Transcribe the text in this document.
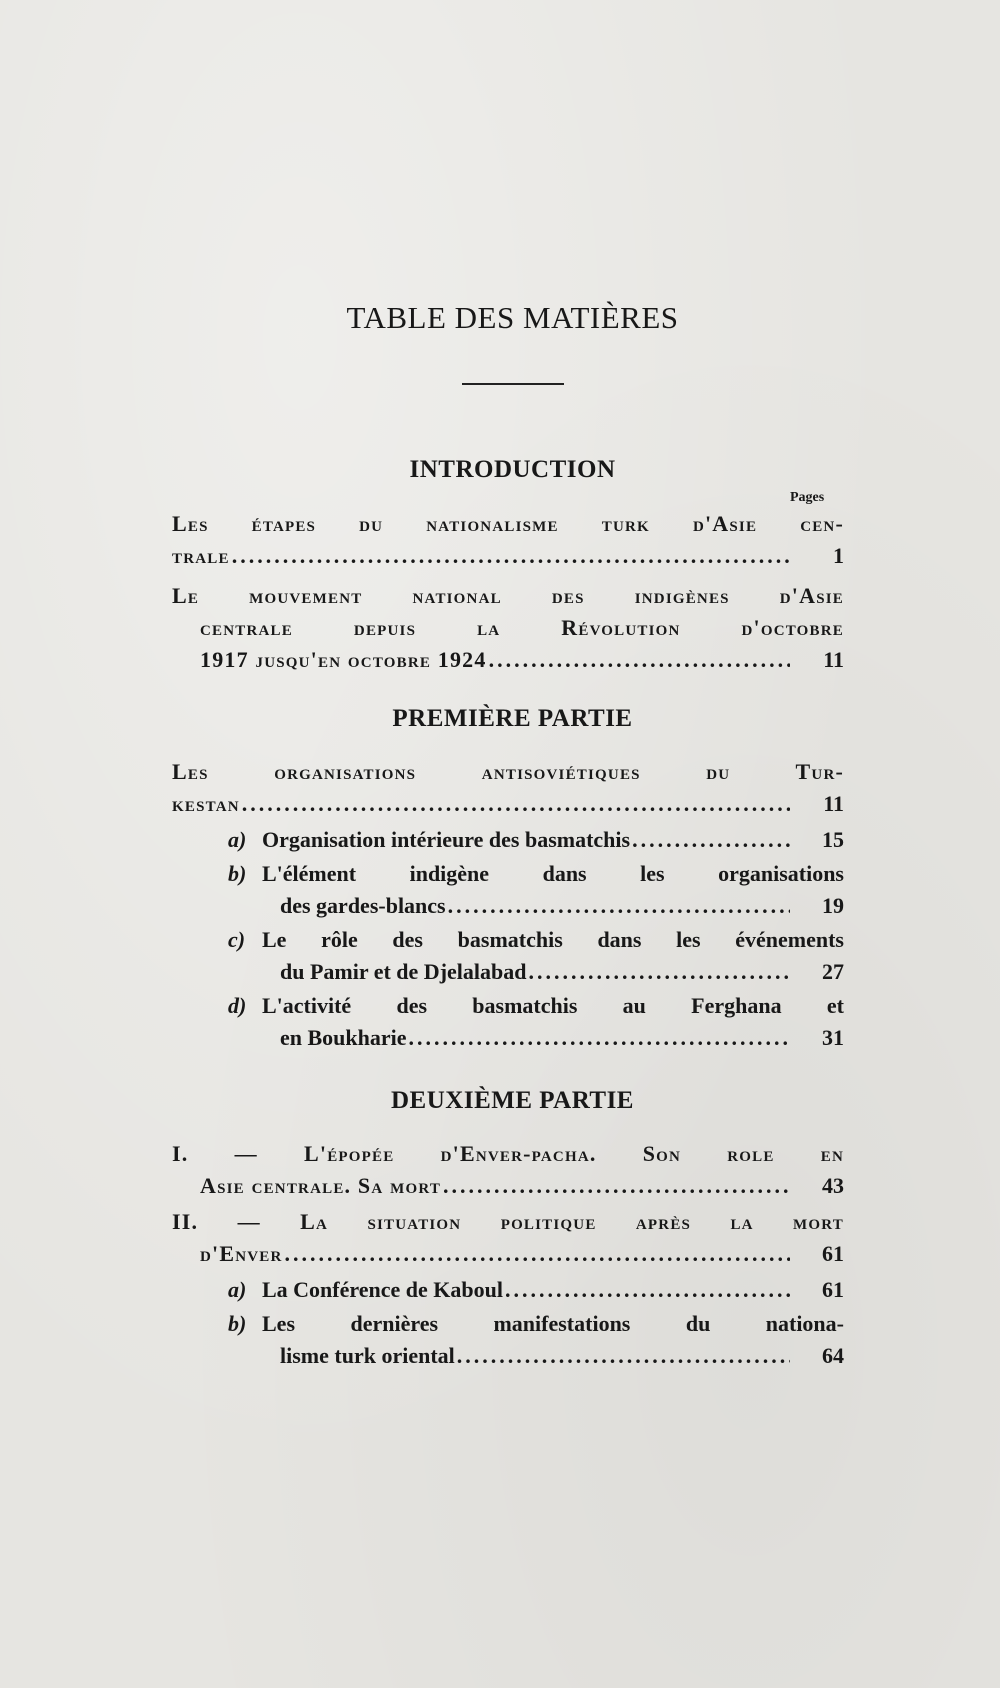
TABLE DES MATIÈRES
INTRODUCTION
Pages
Les étapes du nationalisme turk d'Asie cen-
trale .....	1
Le mouvement national des indigènes d'Asie
centrale depuis la Révolution d'octobre
1917 jusqu'en octobre 1924 .....	11
PREMIÈRE PARTIE
Les organisations antisoviétiques du Tur-
kestan .....	11
a) Organisation intérieure des basmatchis .....	15
b) L'élément indigène dans les organisations
des gardes-blancs .....	19
c) Le rôle des basmatchis dans les événements
du Pamir et de Djelalabad .....	27
d) L'activité des basmatchis au Ferghana et
en Boukharie .....	31
DEUXIÈME PARTIE
I. — L'épopée d'Enver-pacha. Son role en
Asie centrale. Sa mort .....	43
II. — La situation politique après la mort
d'Enver .....	61
a) La Conférence de Kaboul .....	61
b) Les dernières manifestations du nationa-
lisme turk oriental .....	64
